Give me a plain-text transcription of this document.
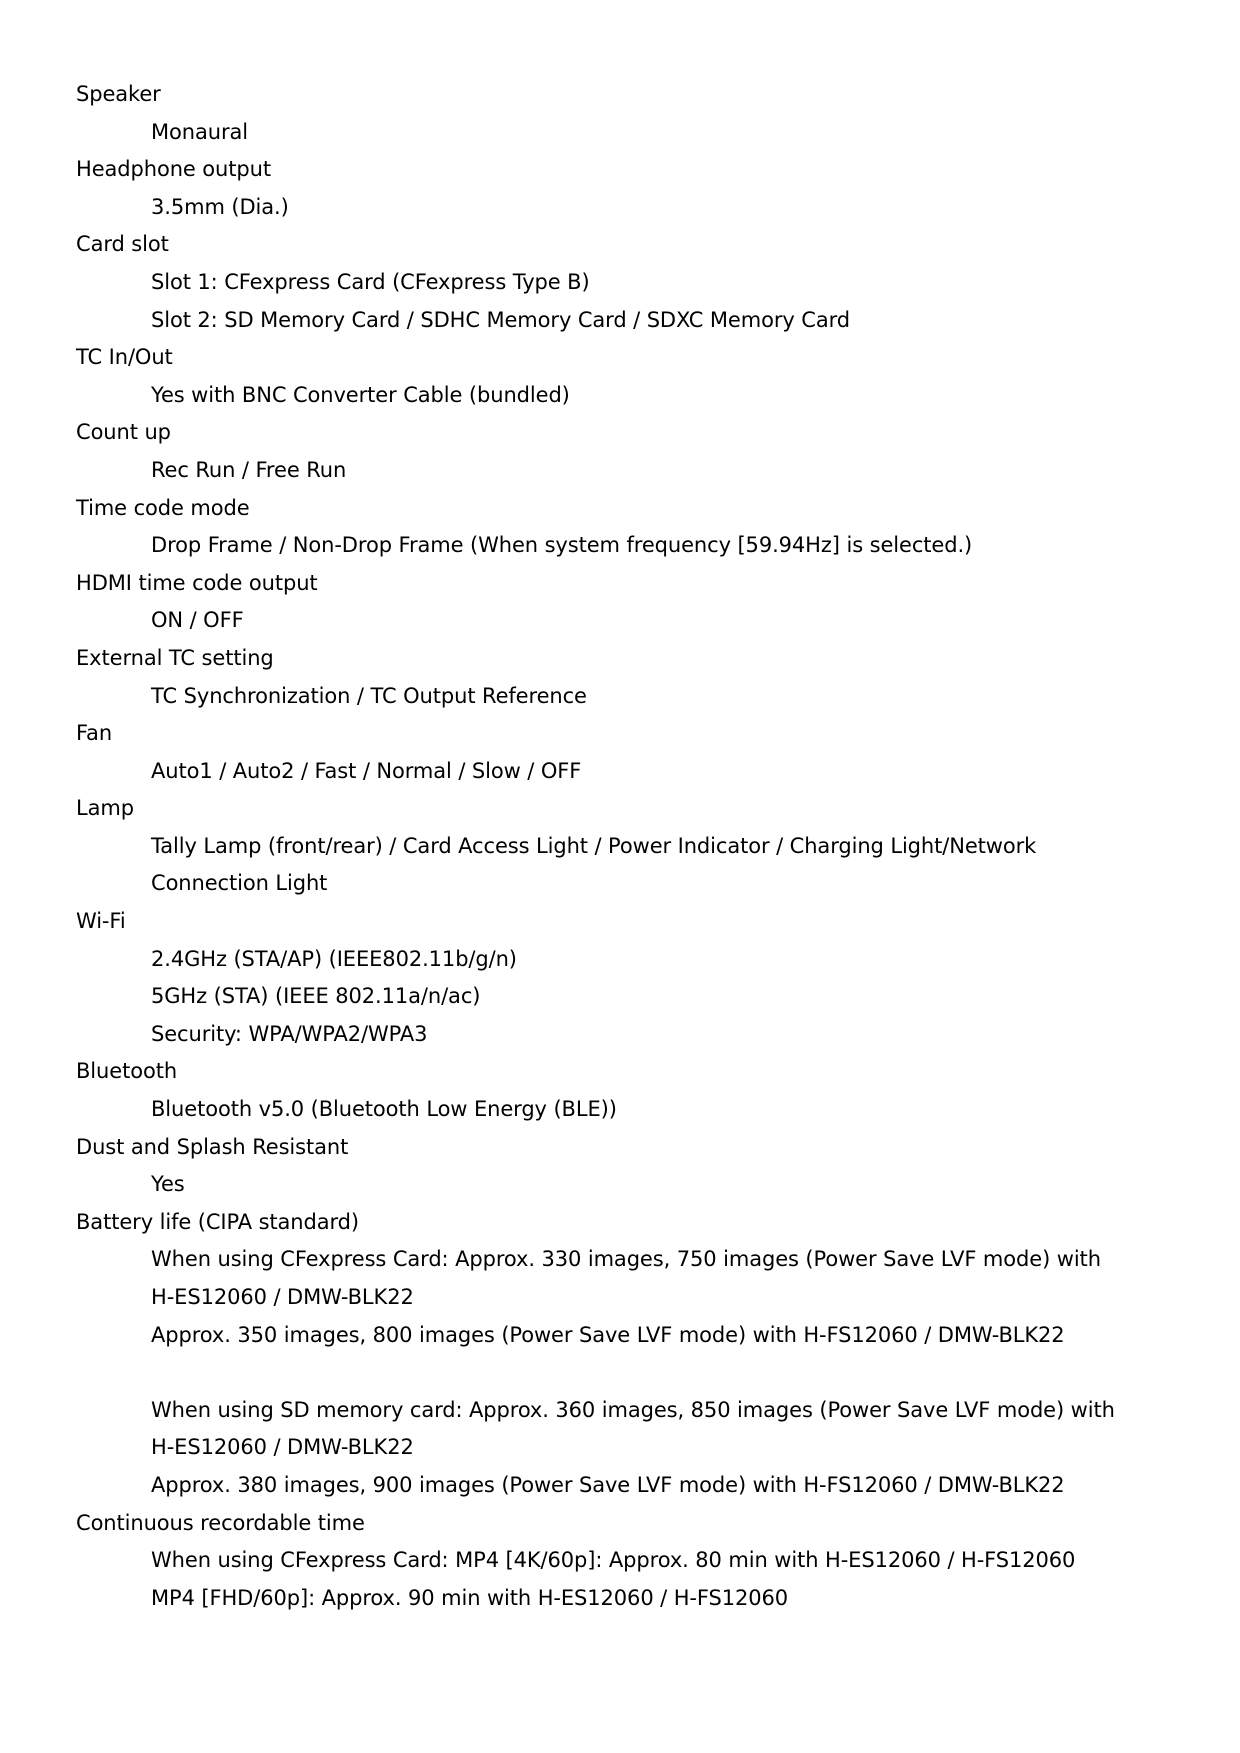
Speaker
Monaural
Headphone output
3.5mm (Dia.)
Card slot
Slot 1: CFexpress Card (CFexpress Type B)
Slot 2: SD Memory Card / SDHC Memory Card / SDXC Memory Card
TC In/Out
Yes with BNC Converter Cable (bundled)
Count up
Rec Run / Free Run
Time code mode
Drop Frame / Non-Drop Frame (When system frequency [59.94Hz] is selected.)
HDMI time code output
ON / OFF
External TC setting
TC Synchronization / TC Output Reference
Fan
Auto1 / Auto2 / Fast / Normal / Slow / OFF
Lamp
Tally Lamp (front/rear) / Card Access Light / Power Indicator / Charging Light/Network
Connection Light
Wi-Fi
2.4GHz (STA/AP) (IEEE802.11b/g/n)
5GHz (STA) (IEEE 802.11a/n/ac)
Security: WPA/WPA2/WPA3
Bluetooth
Bluetooth v5.0 (Bluetooth Low Energy (BLE))
Dust and Splash Resistant
Yes
Battery life (CIPA standard)
When using CFexpress Card: Approx. 330 images, 750 images (Power Save LVF mode) with
H-ES12060 / DMW-BLK22
Approx. 350 images, 800 images (Power Save LVF mode) with H-FS12060 / DMW-BLK22
When using SD memory card: Approx. 360 images, 850 images (Power Save LVF mode) with
H-ES12060 / DMW-BLK22
Approx. 380 images, 900 images (Power Save LVF mode) with H-FS12060 / DMW-BLK22
Continuous recordable time
When using CFexpress Card: MP4 [4K/60p]: Approx. 80 min with H-ES12060 / H-FS12060
MP4 [FHD/60p]: Approx. 90 min with H-ES12060 / H-FS12060
